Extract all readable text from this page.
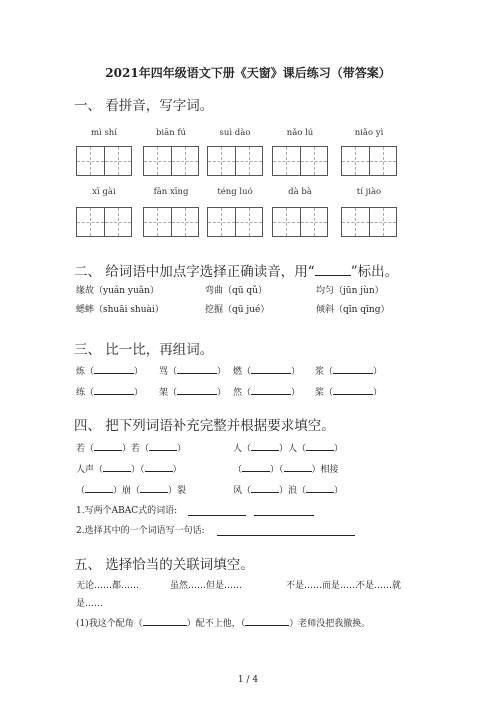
2021年四年级语文下册《天窗》课后练习（带答案）
一、 看拼音，写字词。
mì shí	biān fú	suì dào	nǎo lú	niǎo yì
xī gài	fān xīng	téng luó	dà bà	tí jiào
二、 给词语中加点字选择正确读音，用“	”标出。
缘故（yuán yuǎn）	弯曲（qū qǔ）	均匀（jūn jùn）
蟋蟀（shuāi shuài）	挖掘（qū jué）	倾斜（qīn qīng）
三、 比一比，再组词。
炼（	） 骂（	） 燃（	） 浆（	）
练（	） 架（	） 然（	） 桨（	）
四、 把下列词语补充完整并根据要求填空。
若（	）若（	）	人（	）人（	）
人声（	）（	）	（	）（	）相接
（	）崩（	）裂	风（	）浪（	）
1.写两个ABAC式的词语:
2.选择其中的一个词语写一句话:
五、 选择恰当的关联词填空。
无论……都……	虽然……但是……	不是……而是……
不是……就
是……
(1)我这个配角（	）配不上他，（	）老师没把我撤换。
1 / 4
